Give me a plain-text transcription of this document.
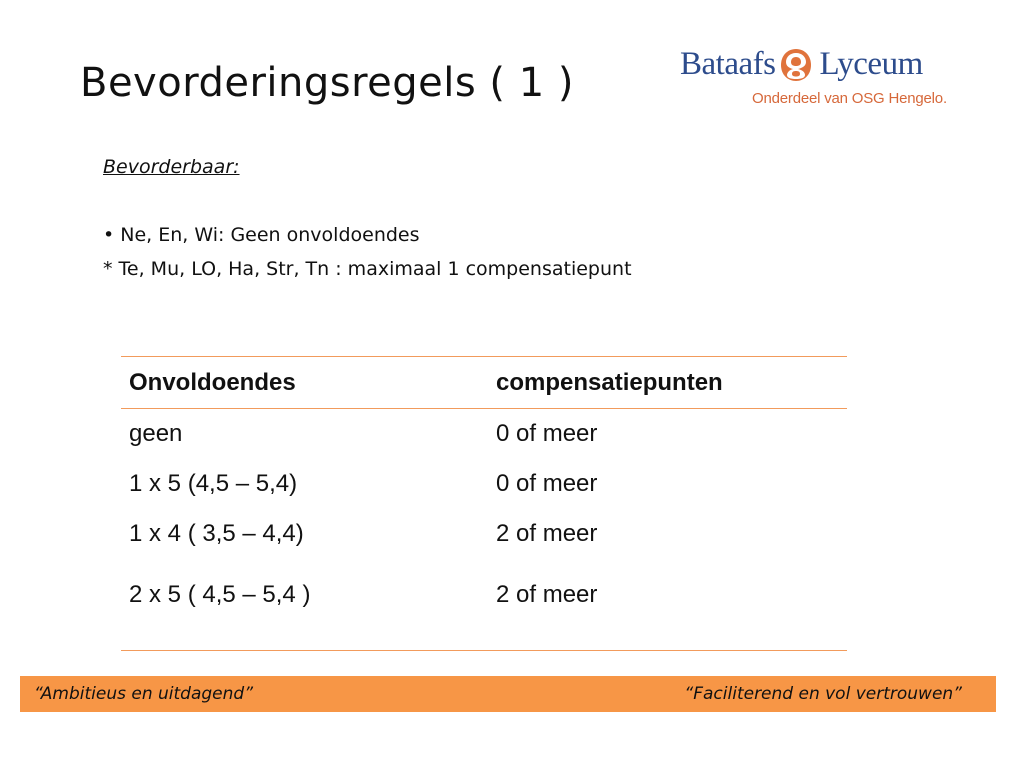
Bevorderingsregels ( 1 )	Bataafs Lyceum
Onderdeel van OSG Hengelo.
Bevorderbaar:
• Ne, En, Wi: Geen onvoldoendes
* Te, Mu, LO, Ha, Str, Tn : maximaal 1 compensatiepunt
Onvoldoendes	compensatiepunten
geen	0 of meer
1 x 5 (4,5 – 5,4)	0 of meer
1 x 4 ( 3,5 – 4,4)	2 of meer
2 x 5 ( 4,5 – 5,4 )	2 of meer
“Ambitieus en uitdagend”	“Faciliterend en vol vertrouwen”
